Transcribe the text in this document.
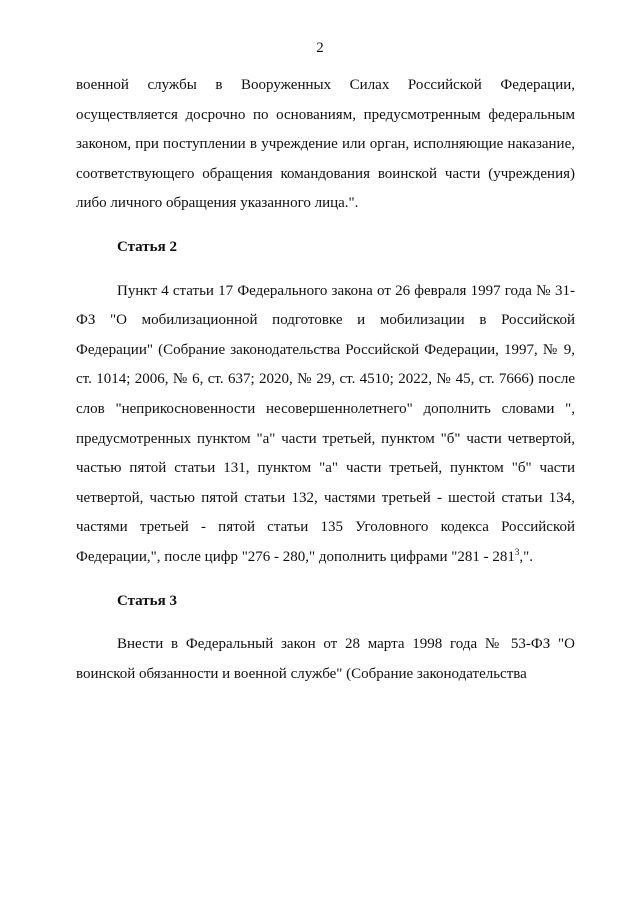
2

военной службы в Вооруженных Силах Российской Федерации, осуществляется досрочно по основаниям, предусмотренным федеральным законом, при поступлении в учреждение или орган, исполняющие наказание, соответствующего обращения командования воинской части (учреждения) либо личного обращения указанного лица.".

Статья 2

Пункт 4 статьи 17 Федерального закона от 26 февраля 1997 года № 31-ФЗ "О мобилизационной подготовке и мобилизации в Российской Федерации" (Собрание законодательства Российской Федерации, 1997, № 9, ст. 1014; 2006, № 6, ст. 637; 2020, № 29, ст. 4510; 2022, № 45, ст. 7666) после слов "неприкосновенности несовершеннолетнего" дополнить словами ", предусмотренных пунктом "а" части третьей, пунктом "б" части четвертой, частью пятой статьи 131, пунктом "а" части третьей, пунктом "б" части четвертой, частью пятой статьи 132, частями третьей - шестой статьи 134, частями третьей - пятой статьи 135 Уголовного кодекса Российской Федерации,", после цифр "276 - 280," дополнить цифрами "$281 - 281^3$,".

Статья 3

Внести в Федеральный закон от 28 марта 1998 года № 53-ФЗ "О воинской обязанности и военной службе" (Собрание законодательства
